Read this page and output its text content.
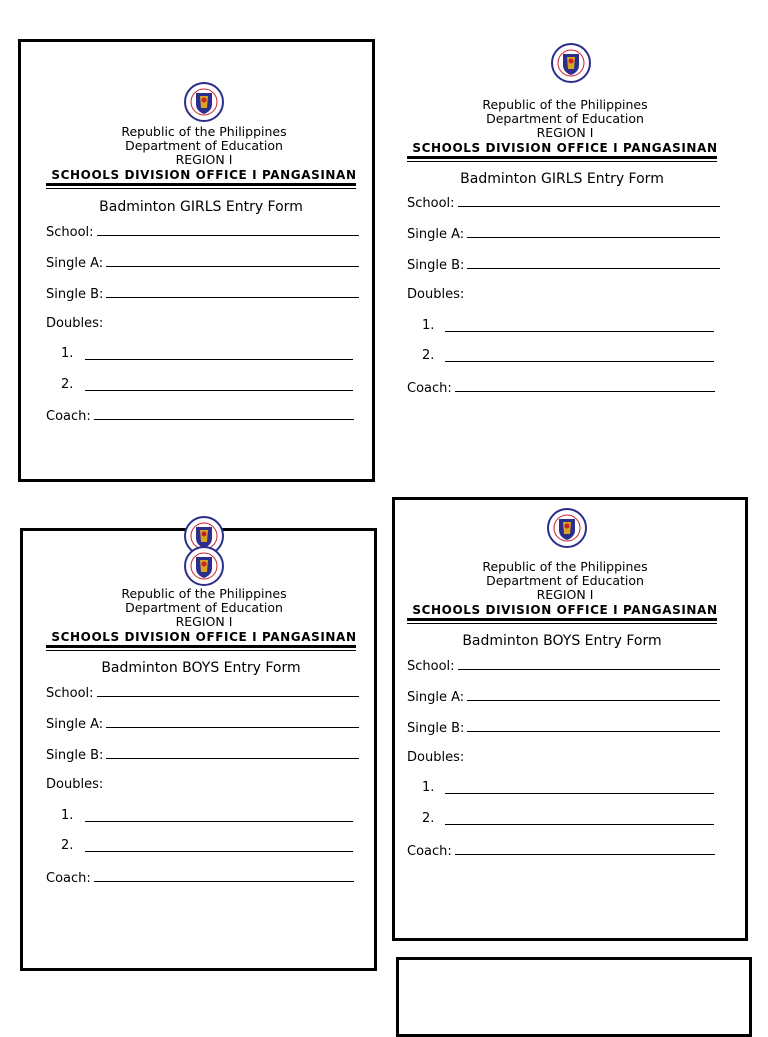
Republic of the Philippines
Department of Education
REGION I
SCHOOLS DIVISION OFFICE I PANGASINAN
Badminton GIRLS Entry Form
School:
Single A:
Single B:
Doubles:
1.
2.
Coach:
Republic of the Philippines
Department of Education
REGION I
SCHOOLS DIVISION OFFICE I PANGASINAN
Badminton GIRLS Entry Form
School:
Single A:
Single B:
Doubles:
1.
2.
Coach:
Republic of the Philippines
Department of Education
REGION I
SCHOOLS DIVISION OFFICE I PANGASINAN
Badminton BOYS Entry Form
School:
Single A:
Single B:
Doubles:
1.
2.
Coach:
Republic of the Philippines
Department of Education
REGION I
SCHOOLS DIVISION OFFICE I PANGASINAN
Badminton BOYS Entry Form
School:
Single A:
Single B:
Doubles:
1.
2.
Coach:
